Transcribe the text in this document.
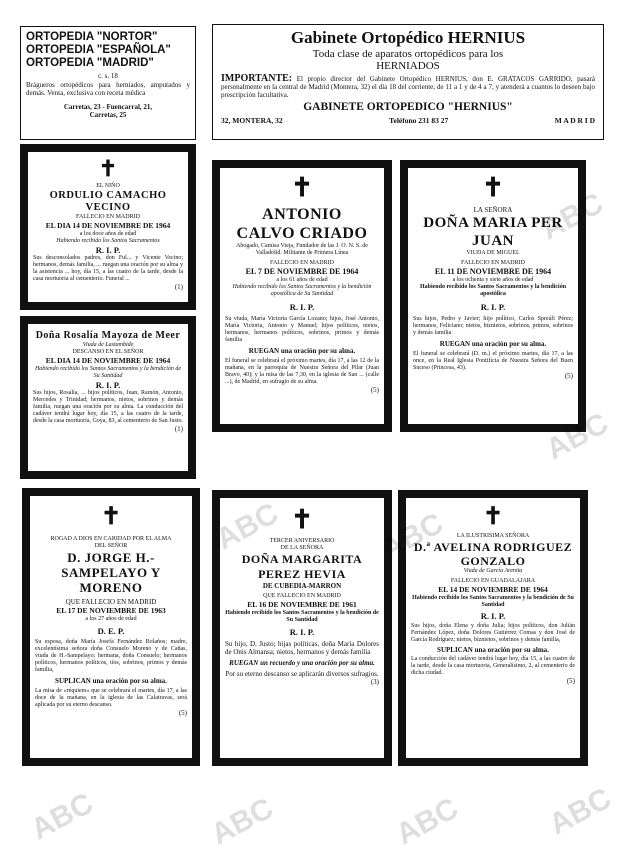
ORTOPEDIA "NORTOR"
ORTOPEDIA "ESPAÑOLA"
ORTOPEDIA "MADRID"
c. s. 18
Brágueros ortopédicos para herniados, amputados y demás. Venta, exclusiva con receta médica
Carretas, 23 - Fuencarral, 21,
Carretas, 25
Gabinete Ortopédico HERNIUS
Toda clase de aparatos ortopédicos para los HERNIADOS
IMPORTANTE: El propio director del Gabinete Ortopédico HERNIUS, don E. GRATACOS GARRIDO, pasará personalmente en la central de Madrid (Montera, 32) el día 18 del corriente, de 11 a 1 y de 4 a 7, y atenderá a cuantos lo deseen bajo prescripción facultativa.
GABINETE ORTOPEDICO "HERNIUS"
32, MONTERA, 32	Teléfono 231 83 27	M A D R I D
✝
EL NIÑO
ORDULIO CAMACHO VECINO
FALLECIO EN MADRID
EL DIA 14 DE NOVIEMBRE DE 1964
a los doce años de edad
Habiendo recibido los Santos Sacramentos
R. I. P.
Sus desconsolados padres, don Ful... y Vicente Vecino; hermanos, demás familia, ... ruegan una oración por su alma y la asistencia ... hoy, día 15, a las cuatro de la tarde, desde la casa mortuoria al cementerio. Funeral ...
(1)
Doña Rosalía Mayoza de Meer
Viuda de Lastambide
DESCANSO EN EL SEÑOR
EL DIA 14 DE NOVIEMBRE DE 1964
Habiendo recibido los Santos Sacramentos y la bendición de Su Santidad
R. I. P.
Sus hijos, Rosalía, ... hijos políticos, Juan, Ramón, Antonio, Mercedes y Trinidad; hermanos, nietos, sobrinos y demás familia, ruegan una oración por su alma. La conducción del cadáver tendrá lugar hoy, día 15, a las cuatro de la tarde, desde la casa mortuoria, Goya, 83, al cementerio de San Justo.
(1)
✝
ANTONIO CALVO CRIADO
Abogado, Camisa Vieja, Fundador de las J. O. N. S. de Valladolid. Militante de Primera Línea
FALLECIO EN MADRID
EL 7 DE NOVIEMBRE DE 1964
a los 61 años de edad
Habiendo recibido los Santos Sacramentos y la bendición apostólica de Su Santidad
R. I. P.
Su viuda, María Victoria García Lozano; hijos, José Antonio, María Victoria, Antonio y Manuel; hijos políticos, nietos, hermanos, hermanos políticos, sobrinos, primos y demás familia
RUEGAN una oración por su alma.
El funeral se celebrará el próximo martes, día 17, a las 12 de la mañana, en la parroquia de Nuestra Señora del Pilar (Juan Bravo, 40); y la misa de las 7,30, en la iglesia de San ... (calle ...), de Madrid, en sufragio de su alma.
(5)
✝
LA SEÑORA
DOÑA MARIA PER JUAN
VIUDA DE MIGUEL
FALLECIO EN MADRID
EL 11 DE NOVIEMBRE DE 1964
a los ochenta y siete años de edad
Habiendo recibido los Santos Sacramentos y la bendición apostólica
R. I. P.
Sus hijos, Pedro y Javier; hijo político, Carlos Spreáfi Pérez; hermanos, Feliciano; nietos, biznietos, sobrinos, primos, sobrinos y demás familia
RUEGAN una oración por su alma.
El funeral se celebrará (D. m.) el próximo martes, día 17, a las once, en la Real Iglesia Pontificia de Nuestra Señora del Buen Suceso (Princesa, 43).
(5)
✝
ROGAD A DIOS EN CARIDAD POR EL ALMA DEL SEÑOR
D. JORGE H.-SAMPELAYO Y MORENO
QUE FALLECIO EN MADRID
EL 17 DE NOVIEMBRE DE 1963
a los 27 años de edad
D. E. P.
Su esposa, doña María Josefa Fernández Bolaños; madre, excelentísima señora doña Consuelo Moreno y de Cañas, viuda de H.-Sampelayo; hermana, doña Consuelo; hermanos políticos, hermanos políticos, tíos, sobrinos, primos y demás familia,
SUPLICAN una oración por su alma.
La misa de «réquiem» que se celebrará el martes, día 17, a las doce de la mañana, en la iglesia de las Calatravas, será aplicada por su eterno descanso.
(5)
✝
TERCER ANIVERSARIO
DE LA SEÑORA
DOÑA MARGARITA PEREZ HEVIA
DE CUBEDIA-MARRON
QUE FALLECIO EN MADRID
EL 16 DE NOVIEMBRE DE 1961
Habiendo recibido los Santos Sacramentos y la bendición de Su Santidad
R. I. P.
Su hijo, D. Justo; hijas políticas, doña María Dolores de Onis Almansa; nietos, hermanos y demás familia
RUEGAN un recuerdo y una oración por su alma.
Por su eterno descanso se aplicarán diversos sufragios.
(3)
✝
LA ILUSTRISIMA SEÑORA
D.ª AVELINA RODRIGUEZ GONZALO
Viuda de García Arenita
FALLECIO EN GUADALAJARA
EL 14 DE NOVIEMBRE DE 1964
Habiendo recibido los Santos Sacramentos y la bendición de Su Santidad
R. I. P.
Sus hijos, doña Elena y doña Julia; hijos políticos, don Julián Fernández López, doña Dolores Gutiérrez Comas y don José de García Rodríguez; nietos, biznietos, sobrinos y demás familia,
SUPLICAN una oración por su alma.
La conducción del cadáver tendrá lugar hoy, día 15, a las cuatro de la tarde, desde la casa mortuoria, Generalísimo, 2, al cementerio de dicha ciudad.
(5)
ABC
ABC	ABC	ABC	ABC
